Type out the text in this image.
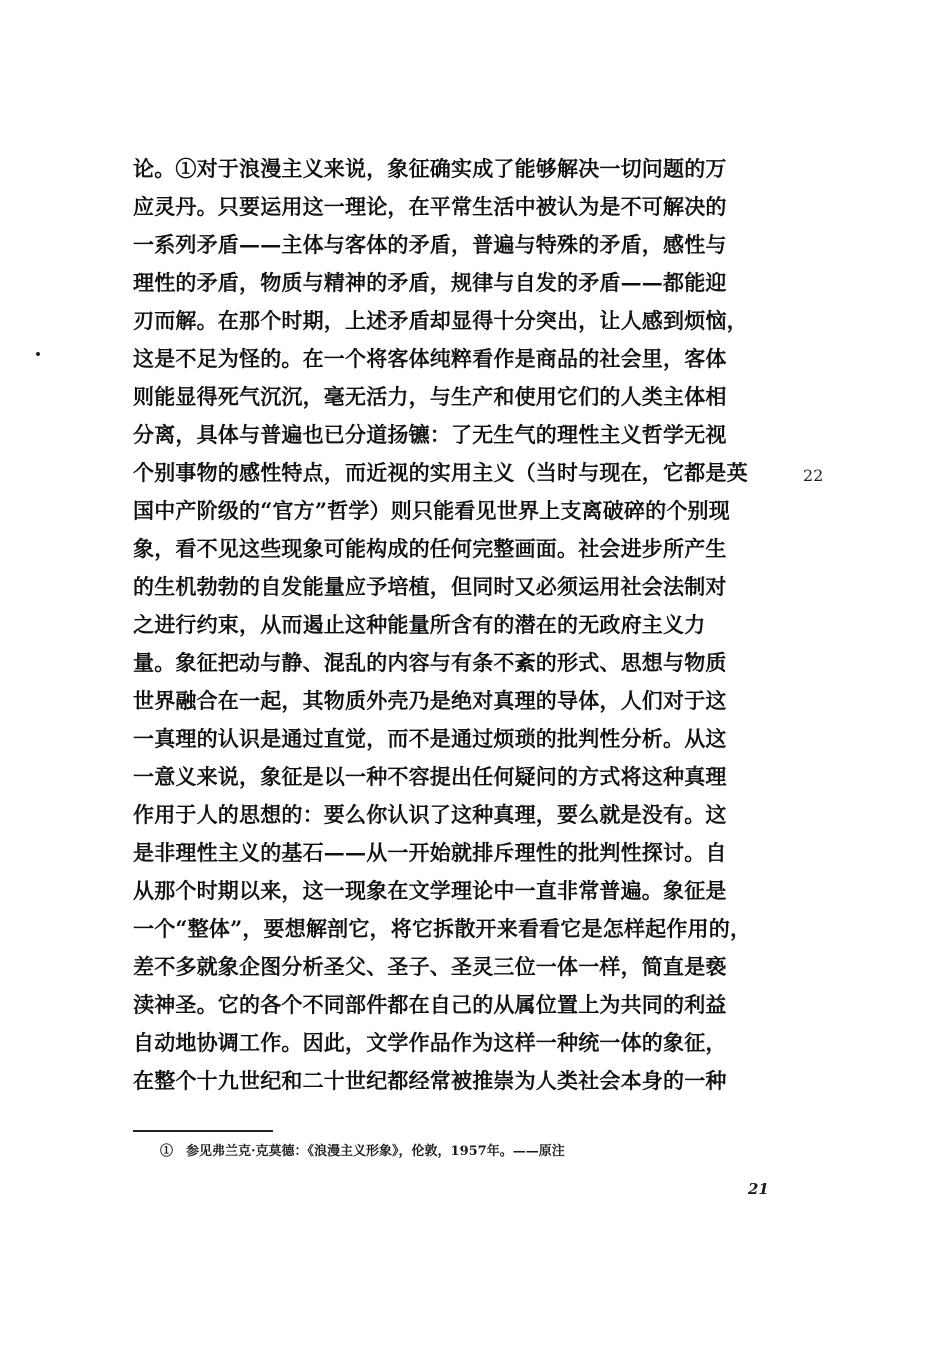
论。①对于浪漫主义来说，象征确实成了能够解决一切问题的万
应灵丹。只要运用这一理论，在平常生活中被认为是不可解决的
一系列矛盾——主体与客体的矛盾，普遍与特殊的矛盾，感性与
理性的矛盾，物质与精神的矛盾，规律与自发的矛盾——都能迎
刃而解。在那个时期，上述矛盾却显得十分突出，让人感到烦恼，
这是不足为怪的。在一个将客体纯粹看作是商品的社会里，客体
则能显得死气沉沉，毫无活力，与生产和使用它们的人类主体相
分离，具体与普遍也已分道扬镳：了无生气的理性主义哲学无视
个别事物的感性特点，而近视的实用主义（当时与现在，它都是英
国中产阶级的“官方”哲学）则只能看见世界上支离破碎的个别现
象，看不见这些现象可能构成的任何完整画面。社会进步所产生
的生机勃勃的自发能量应予培植，但同时又必须运用社会法制对
之进行约束，从而遏止这种能量所含有的潜在的无政府主义力
量。象征把动与静、混乱的内容与有条不紊的形式、思想与物质
世界融合在一起，其物质外壳乃是绝对真理的导体，人们对于这
一真理的认识是通过直觉，而不是通过烦琐的批判性分析。从这
一意义来说，象征是以一种不容提出任何疑问的方式将这种真理
作用于人的思想的：要么你认识了这种真理，要么就是没有。这
是非理性主义的基石——从一开始就排斥理性的批判性探讨。自
从那个时期以来，这一现象在文学理论中一直非常普遍。象征是
一个“整体”，要想解剖它，将它拆散开来看看它是怎样起作用的，
差不多就象企图分析圣父、圣子、圣灵三位一体一样，简直是亵
渎神圣。它的各个不同部件都在自己的从属位置上为共同的利益
自动地协调工作。因此，文学作品作为这样一种统一体的象征，
在整个十九世纪和二十世纪都经常被推崇为人类社会本身的一种
22
①　参见弗兰克·克莫德：《浪漫主义形象》，伦敦，1957年。——原注
21
